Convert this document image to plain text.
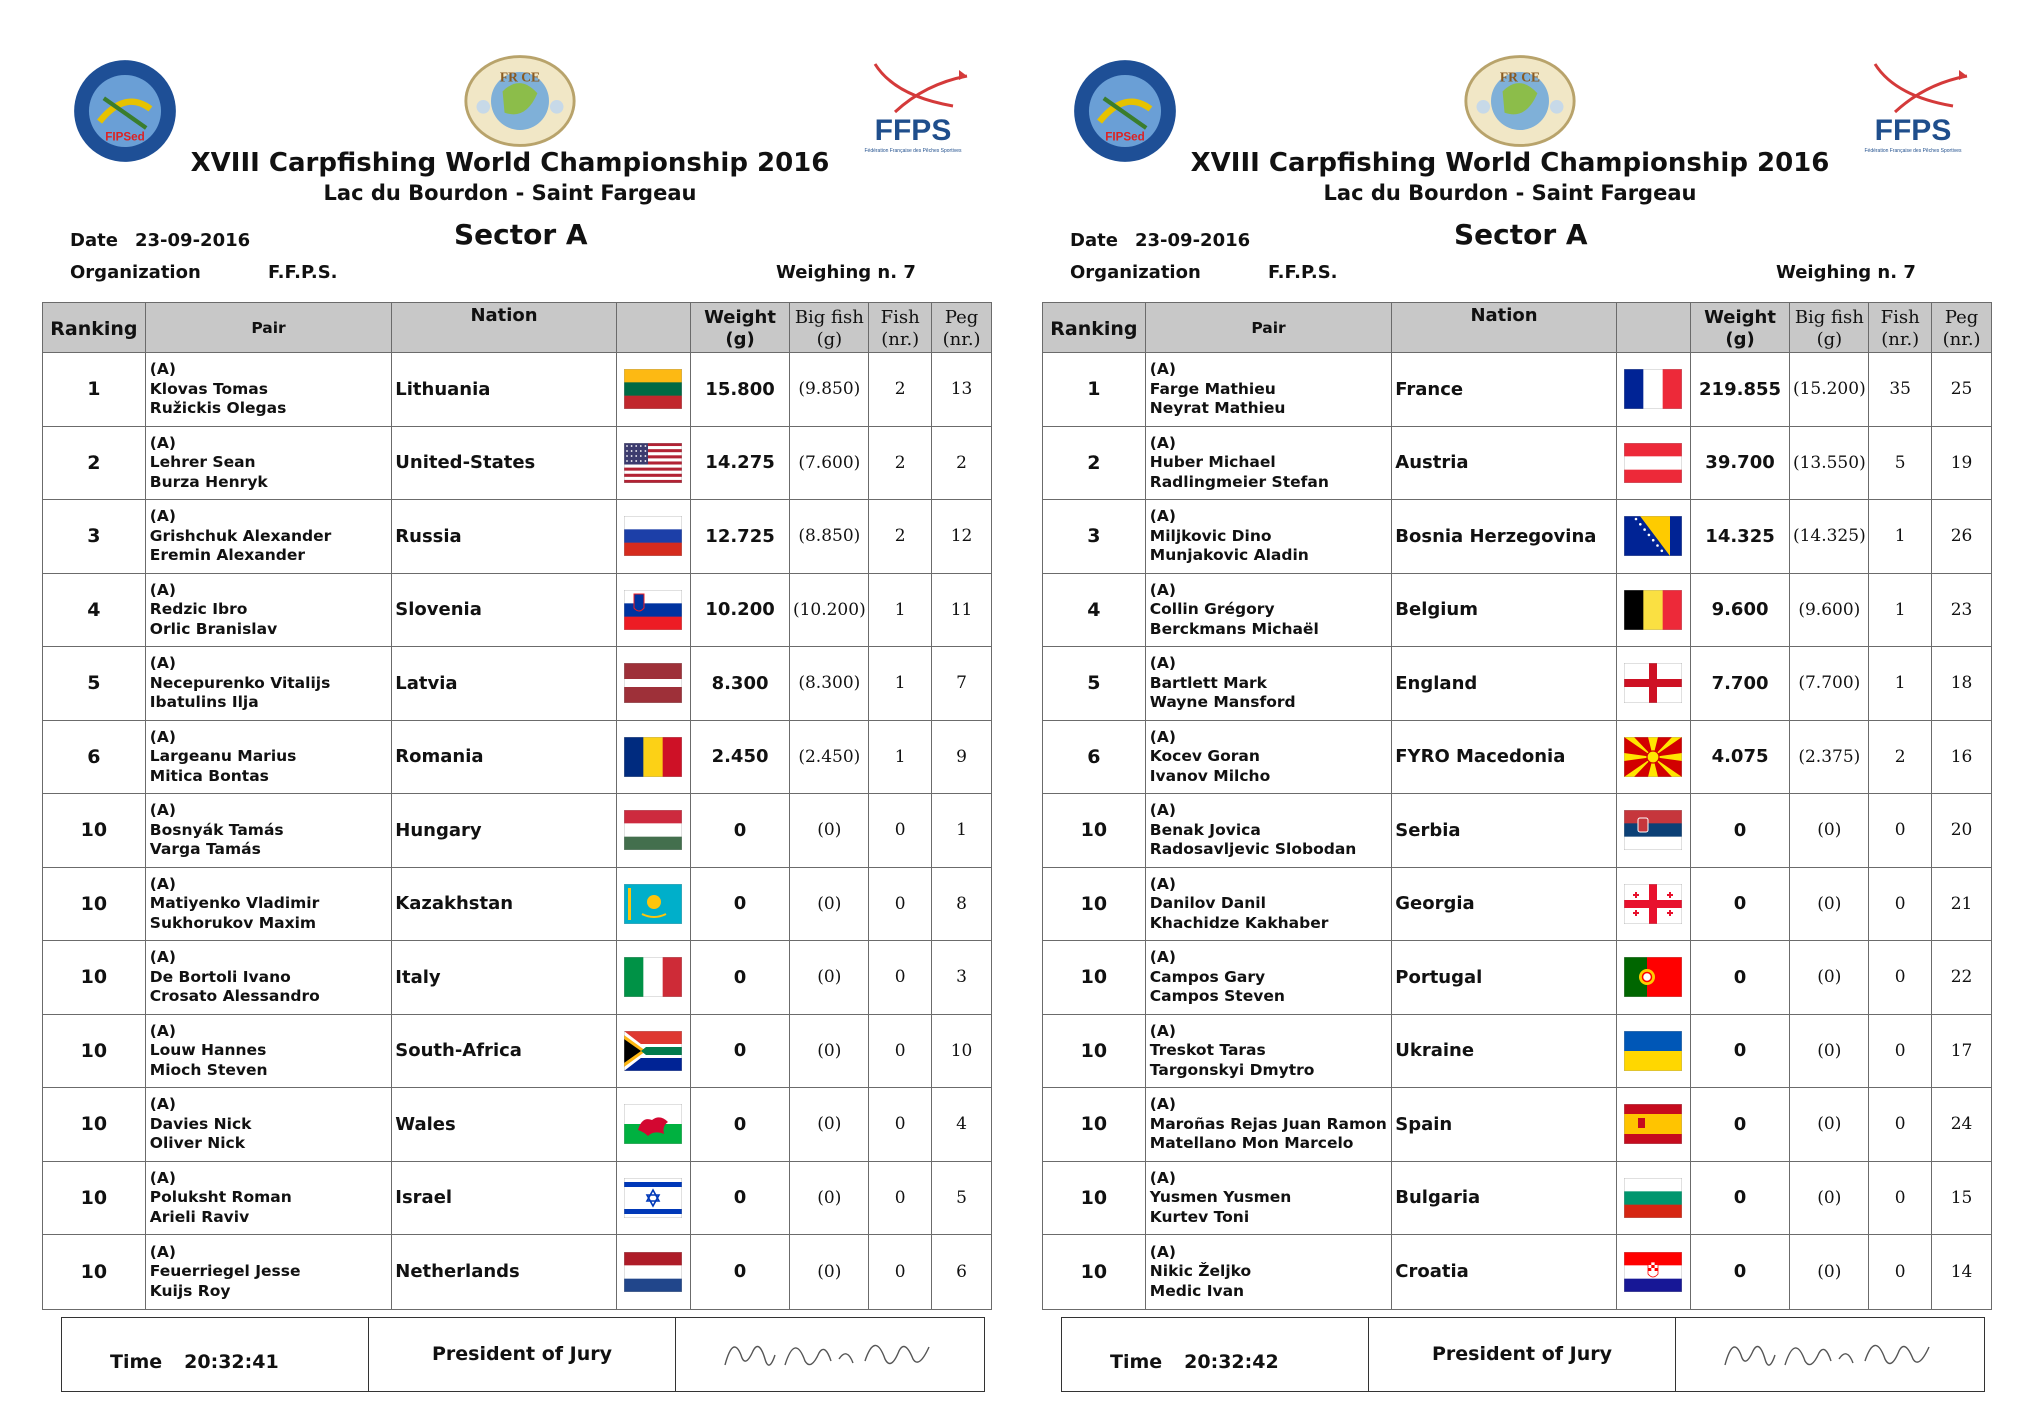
FIPSed
FR CE
FFPS
Fédération Française des Pêches Sportives
XVIII Carpfishing World Championship 2016
Lac du Bourdon - Saint Fargeau
Date 23-09-2016	Sector A
Organization	F.F.P.S.	Weighing n. 7
Ranking	Pair
Nation	Weight
(g)
Big fish
(g)
Fish
(nr.)
Peg
(nr.)
1
(A)
Klovas Tomas
Ružickis Olegas
Lithuania	15.800	(9.850)	2	13
2
(A)
Lehrer Sean
Burza Henryk
United-States	14.275	(7.600)	2	2
3
(A)
Grishchuk Alexander
Eremin Alexander
Russia	12.725	(8.850)	2	12
4
(A)
Redzic Ibro
Orlic Branislav
Slovenia	10.200	(10.200)	1	11
5
(A)
Necepurenko Vitalijs
Ibatulins Ilja
Latvia	8.300	(8.300)	1	7
6
(A)
Largeanu Marius
Mitica Bontas
Romania	2.450	(2.450)	1	9
10
(A)
Bosnyák Tamás
Varga Tamás
Hungary	0	(0)	0	1
10
(A)
Matiyenko Vladimir
Sukhorukov Maxim
Kazakhstan	0	(0)	0	8
10
(A)
De Bortoli Ivano
Crosato Alessandro
Italy	0	(0)	0	3
10
(A)
Louw Hannes
Mioch Steven
South-Africa	0	(0)	0	10
10
(A)
Davies Nick
Oliver Nick
Wales	0	(0)	0	4
10
(A)
Poluksht Roman
Arieli Raviv
Israel	0	(0)	0	5
10
(A)
Feuerriegel Jesse
Kuijs Roy
Netherlands	0	(0)	0	6
Time 20:32:41	President of Jury
FIPSed
FR CE
FFPS
Fédération Française des Pêches Sportives
XVIII Carpfishing World Championship 2016
Lac du Bourdon - Saint Fargeau
Date 23-09-2016	Sector A
Organization	F.F.P.S.	Weighing n. 7
Ranking	Pair
Nation	Weight
(g)
Big fish
(g)
Fish
(nr.)
Peg
(nr.)
1
(A)
Farge Mathieu
Neyrat Mathieu
France	219.855 (15.200)	35	25
2
(A)
Huber Michael
Radlingmeier Stefan
Austria	39.700	(13.550)	5	19
3
(A)
Miljkovic Dino
Munjakovic Aladin
Bosnia Herzegovina	14.325	(14.325)	1	26
4
(A)
Collin Grégory
Berckmans Michaël
Belgium	9.600	(9.600)	1	23
5
(A)
Bartlett Mark
Wayne Mansford
England	7.700	(7.700)	1	18
6
(A)
Kocev Goran
Ivanov Milcho
FYRO Macedonia	4.075	(2.375)	2	16
10
(A)
Benak Jovica
Radosavljevic Slobodan
Serbia	0	(0)	0	20
10
(A)
Danilov Danil
Khachidze Kakhaber
Georgia	0	(0)	0	21
10
(A)
Campos Gary
Campos Steven
Portugal	0	(0)	0	22
10
(A)
Treskot Taras
Targonskyi Dmytro
Ukraine	0	(0)	0	17
10
(A)
Maroñas Rejas Juan Ramon
Matellano Mon Marcelo
Spain	0	(0)	0	24
10
(A)
Yusmen Yusmen
Kurtev Toni
Bulgaria	0	(0)	0	15
10
(A)
Nikic Željko
Medic Ivan
Croatia	0	(0)	0	14
Time 20:32:42	President of Jury
